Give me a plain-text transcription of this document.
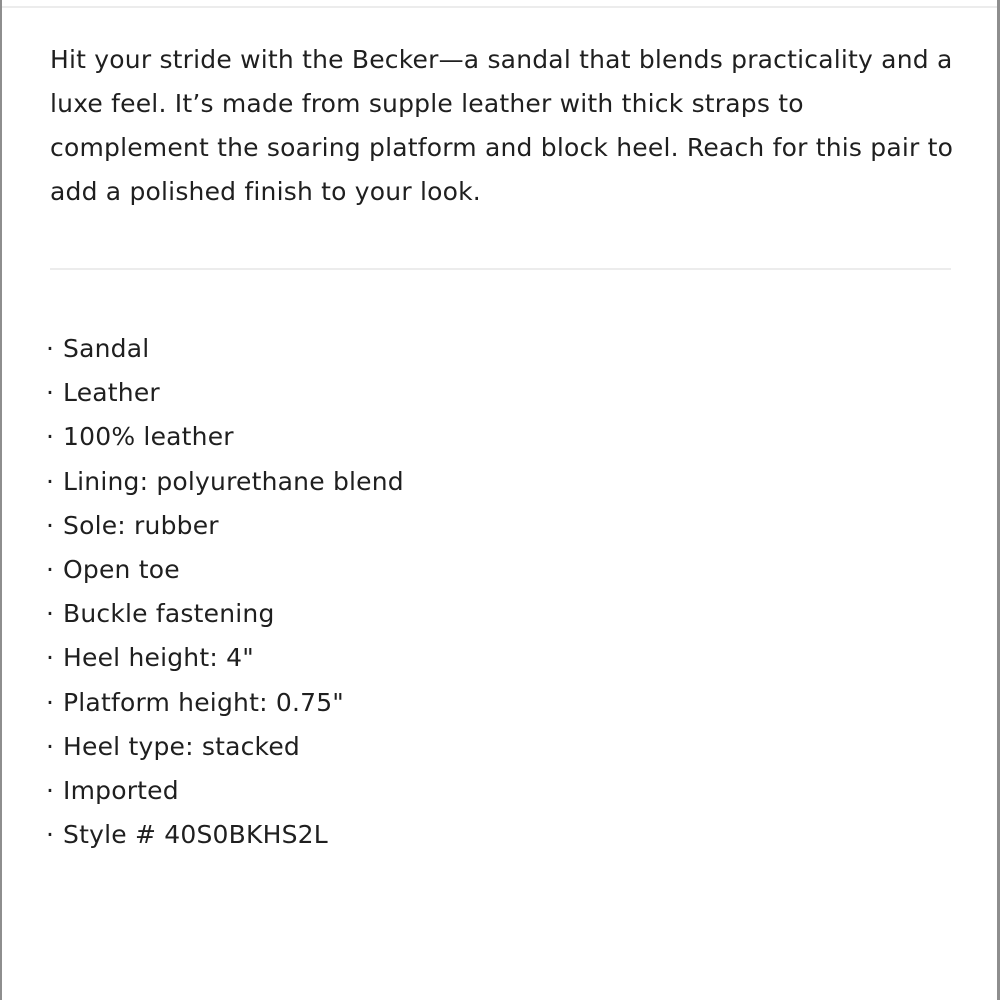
Hit your stride with the Becker—a sandal that blends practicality and a luxe feel. It’s made from supple leather with thick straps to complement the soaring platform and block heel. Reach for this pair to add a polished finish to your look.

· Sandal
· Leather
· 100% leather
· Lining: polyurethane blend
· Sole: rubber
· Open toe
· Buckle fastening
· Heel height: 4"
· Platform height: 0.75"
· Heel type: stacked
· Imported
· Style # 40S0BKHS2L
